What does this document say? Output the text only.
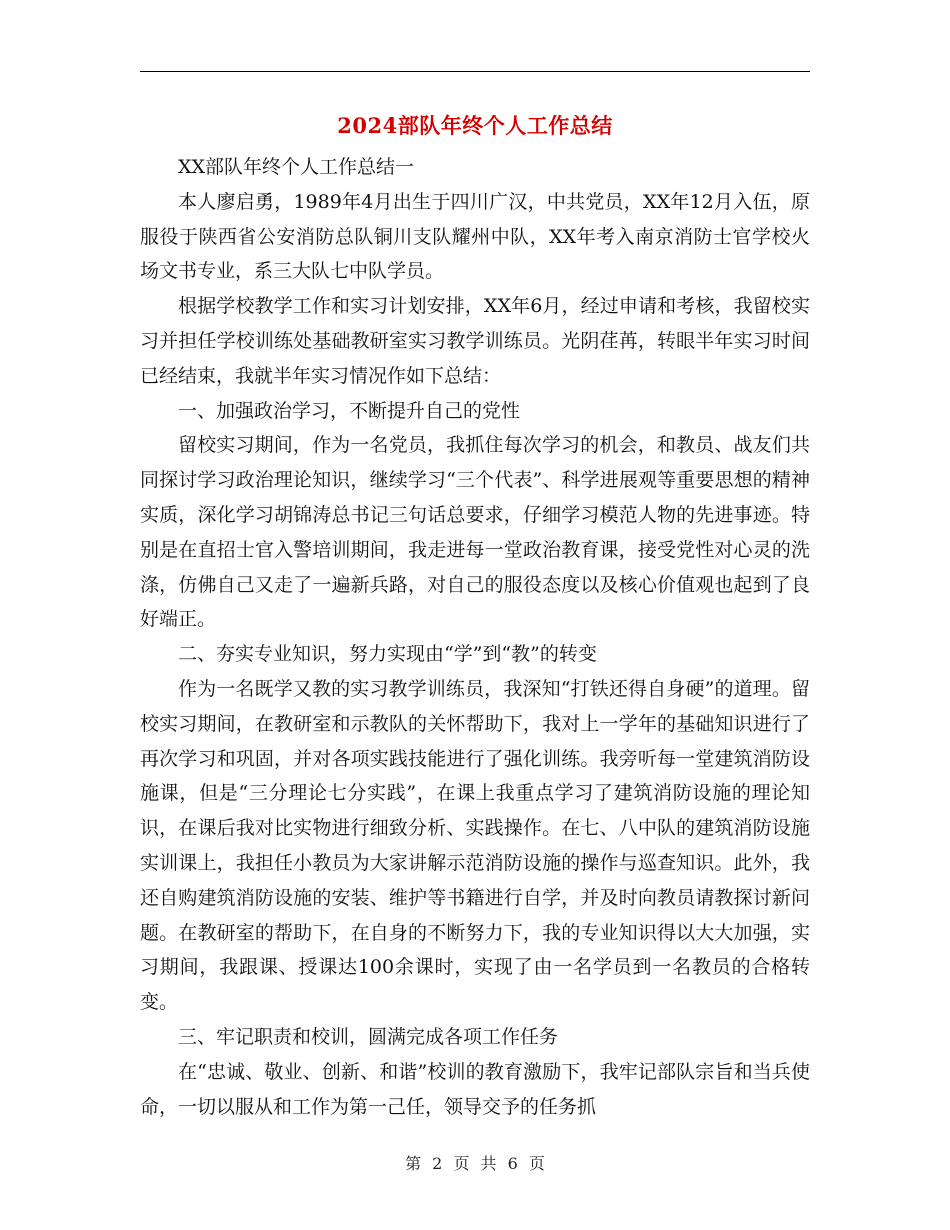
2024部队年终个人工作总结

XX部队年终个人工作总结一

本人廖启勇，1989年4月出生于四川广汉，中共党员，XX年12月入伍，原服役于陕西省公安消防总队铜川支队耀州中队，XX年考入南京消防士官学校火场文书专业，系三大队七中队学员。

根据学校教学工作和实习计划安排，XX年6月，经过申请和考核，我留校实习并担任学校训练处基础教研室实习教学训练员。光阴荏苒，转眼半年实习时间已经结束，我就半年实习情况作如下总结：

一、加强政治学习，不断提升自己的党性

留校实习期间，作为一名党员，我抓住每次学习的机会，和教员、战友们共同探讨学习政治理论知识，继续学习“三个代表”、科学进展观等重要思想的精神实质，深化学习胡锦涛总书记三句话总要求，仔细学习模范人物的先进事迹。特别是在直招士官入警培训期间，我走进每一堂政治教育课，接受党性对心灵的洗涤，仿佛自己又走了一遍新兵路，对自己的服役态度以及核心价值观也起到了良好端正。

二、夯实专业知识，努力实现由“学”到“教”的转变

作为一名既学又教的实习教学训练员，我深知“打铁还得自身硬”的道理。留校实习期间，在教研室和示教队的关怀帮助下，我对上一学年的基础知识进行了再次学习和巩固，并对各项实践技能进行了强化训练。我旁听每一堂建筑消防设施课，但是“三分理论七分实践”，在课上我重点学习了建筑消防设施的理论知识，在课后我对比实物进行细致分析、实践操作。在七、八中队的建筑消防设施实训课上，我担任小教员为大家讲解示范消防设施的操作与巡查知识。此外，我还自购建筑消防设施的安装、维护等书籍进行自学，并及时向教员请教探讨新问题。在教研室的帮助下，在自身的不断努力下，我的专业知识得以大大加强，实习期间，我跟课、授课达100余课时，实现了由一名学员到一名教员的合格转变。

三、牢记职责和校训，圆满完成各项工作任务

在“忠诚、敬业、创新、和谐”校训的教育激励下，我牢记部队宗旨和当兵使命，一切以服从和工作为第一己任，领导交予的任务抓

第 2 页 共 6 页
